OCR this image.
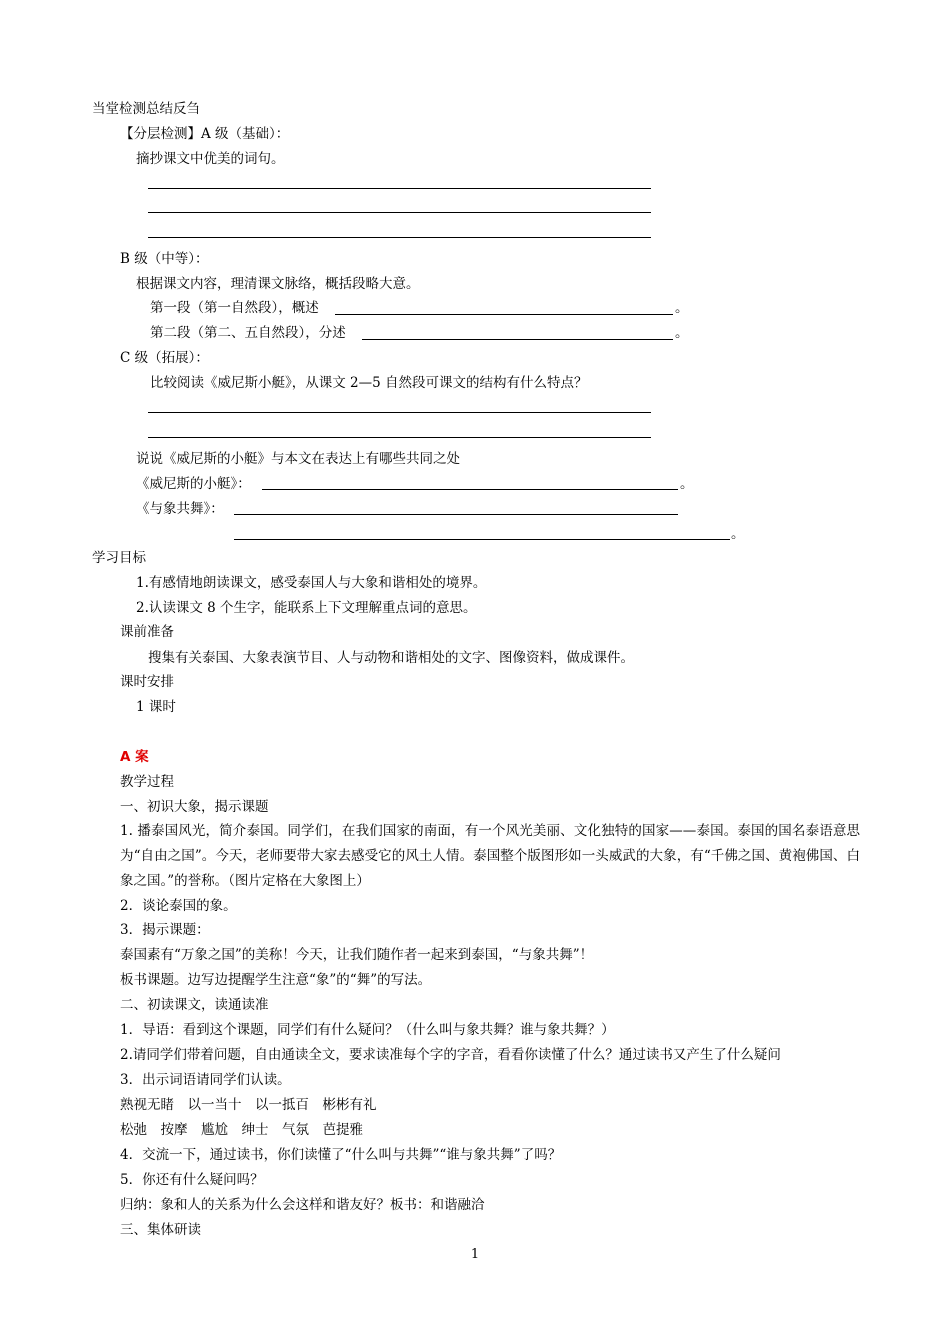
当堂检测总结反刍
【分层检测】A 级（基础）：
摘抄课文中优美的词句。
B 级（中等）：
根据课文内容，理清课文脉络，概括段略大意。
第一段（第一自然段），概述	。
第二段（第二、五自然段），分述	。
C 级（拓展）：
比较阅读《威尼斯小艇》，从课文 2—5 自然段可课文的结构有什么特点？
说说《威尼斯的小艇》与本文在表达上有哪些共同之处
《威尼斯的小艇》：	。
《与象共舞》：
。
学习目标
1.有感情地朗读课文，感受泰国人与大象和谐相处的境界。
2.认读课文 8 个生字，能联系上下文理解重点词的意思。
课前准备
搜集有关泰国、大象表演节目、人与动物和谐相处的文字、图像资料，做成课件。
课时安排
1 课时
A 案
教学过程
一、初识大象，揭示课题
1. 播泰国风光，简介泰国。同学们，在我们国家的南面，有一个风光美丽、文化独特的国家——泰国。泰国的国名泰语意思为“自由之国”。今天，老师要带大家去感受它的风土人情。泰国整个版图形如一头威武的大象，有“千佛之国、黄袍佛国、白象之国。”的誉称。（图片定格在大象图上）
2．谈论泰国的象。
3．揭示课题：
泰国素有“万象之国”的美称！今天，让我们随作者一起来到泰国，“与象共舞”！
板书课题。边写边提醒学生注意“象”的“舞”的写法。
二、初读课文，读通读准
1．导语：看到这个课题，同学们有什么疑问？（什么叫与象共舞？谁与象共舞？）
2.请同学们带着问题，自由通读全文，要求读准每个字的字音，看看你读懂了什么？通过读书又产生了什么疑问
3．出示词语请同学们认读。
熟视无睹　以一当十　以一抵百　彬彬有礼
松弛　按摩　尴尬　绅士　气氛　芭提雅
4．交流一下，通过读书，你们读懂了“什么叫与共舞”“谁与象共舞”了吗？
5．你还有什么疑问吗？
归纳：象和人的关系为什么会这样和谐友好？板书：和谐融洽
三、集体研读
1
